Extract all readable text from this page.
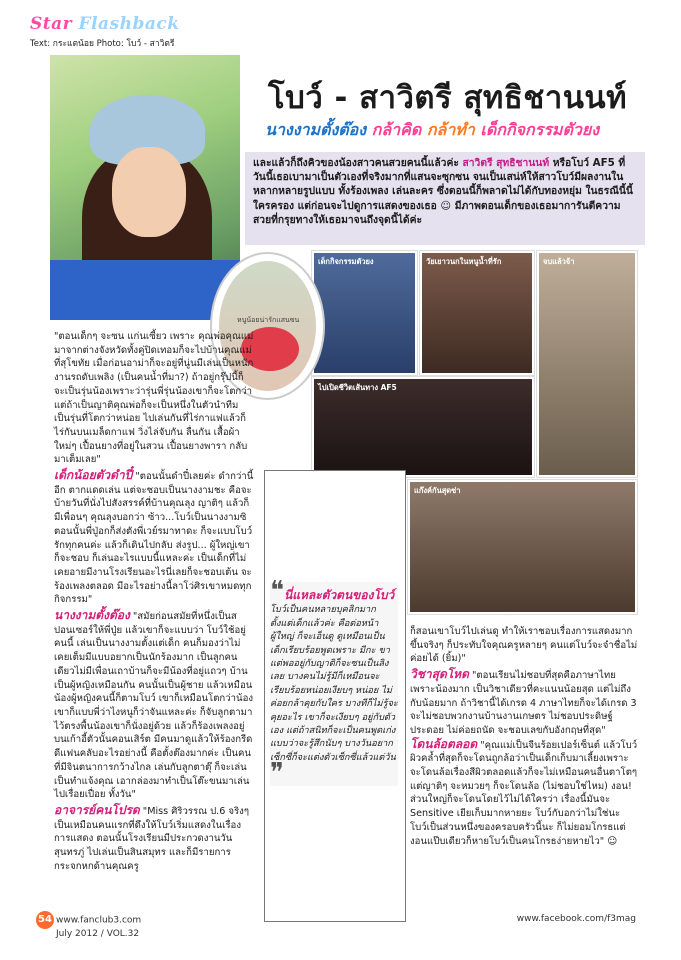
Star Flashback
Text: กระแตน้อย Photo: โบว์ - สาวิตรี
โบว์ - สาวิตรี สุทธิชานนท์
นางงามตั้งต๊อง กล้าคิด กล้าทำ เด็กกิจกรรมตัวยง
และแล้วก็ถึงคิวของน้องสาวคนสวยคนนี้แล้วค่ะ สาวิตรี สุทธิชานนท์ หรือโบว์ AF5 ที่วันนี้เธอเบามาเป็นตัวเองที่จริงมากที่แสนจะซุกซน จนเป็นเสน่ห์ให้สาวโบว์มีผลงานในหลากหลายรูปแบบ ทั้งร้องเพลง เล่นละคร ซึ่งตอนนี้ก็พลาดไม่ได้กับทองหยุ่ม ในธรณีนี้นี้ใครครอง แต่ก่อนจะไปดูการแสดงของเธอ ☺ มีภาพตอนเด็กของเธอมาการันตีความสวยที่กรุยทางให้เธอมาจนถึงจุดนี้ได้ค่ะ
เด็กกิจกรรมตัวยง	วัยเยาวนกในหนูน้ำที่รัก	จบแล้วจ้า
ไปเปิดชีวิตเส้นทาง AF5
แก๊งค์กันสุดซ่า
หนูน้อยน่ารักแสนซน

"ตอนเด็กๆ จะซน แก่นเซี้ยว เพราะ คุณพ่อคุณแม่มาจากต่างจังหวัดทั้งคู่ปิดเทอมก็จะไปบ้านคุณแม่ที่สุโขทัย เมื่อก่อนอาม่าก็จะอยู่ที่นู่นมีเล่นเป็นหนักงานรถดับเพลิง (เป็นคนน้ำที่มา?) ถ้าอยู่กรุ๊ปนี้ก็จะเป็นรุ่นน้องเพราะว่ารุ่นพี่รุ่นน้องเขาก็จะโตกว่า แต่ถ้าเป็นญาติคุณพ่อก็จะเป็นหนึ่งในตัวนำทีม เป็นรุ่นที่โตกว่าหน่อย ไปเล่นกันที่ไร่กาแฟแล้วก็ไร่กันบนเมล็ดกาแฟ วิ่งไล่จับกัน ลื่นกัน เสื้อผ้าใหม่ๆ เปื้อนยางที่อยู่ในสวน เปื้อนยางพารา กลับมาเต็มเลย"

เด็กน้อยตัวดำปี๋ "ตอนนั้นดำปี๋เลยค่ะ ดำกว่านี้อีก ตากแดดเล่น แต่จะชอบเป็นนางงามชะ คือจะบ้ายวันที่นั่งไปสังสรรค์ที่บ้านคุณลุง ญาติๆ แล้วก็มีเพื่อนๆ คุณลุงบอกว่า ซ้าว...โบว์เป็นนางงามซิ ตอนนั้นพี่ปู่อกก็ส่งตังพี่เวย์รมาทาดะ ก็จะแบบโบว์รักทุกคนค่ะ แล้วก็เดินไปกลับ ส่งรูป... ผู้ใหญ่เขาก็จะชอบ ก็เล่นอะไรแบบนี้แหละค่ะ เป็นเด็กที่ไม่เคยอายมีงานโรงเรียนอะไรนี่เลยก็จะชอบเต้น จะร้องเพลงตลอด มีอะไรอย่างนี้ลาโว่ศิรเขาหมดทุกกิจกรรม"
นางงามตั้งต๊อง "สมัยก่อนสมัยที่หนึ่งเป็นสปอนเซอร์ให้พี่ปู่ย แล้วเขาก็จะแบบว่า โบว์ใช้อยู่คนนี้ เล่นเป็นนางงามตั้งแต่เด็ก คนก็มองว่าไม่เคยเต็มมีแบบอยากเป็นนักร้องมาก เป็นลูกคนเดียวไม่มีเพื่อนเถาบ้านก็จะมีน้องที่อยู่แถวๆ บ้านเป็นผู้หญิงเหมือนกัน คนนั้นเป็นผู้ชาย แล้วเหมือนน้องผู้หญิงคนนี้ก็ตามโบว์ เขาก็เหมือนโตกว่าน้องเขาก็แบบพี่ว่าไงหนูก็ว่าจันแหละค่ะ ก็จับลูกตามาไว้ตรงพื้นน้องเขาก็นั่งอยู่ด้วย แล้วก็ร้องเพลงอยู่บนเก้าอี้ตัวนั้นคอนเสิร์ต มีคนมาดูแล้วให้ร้องกรีดดีแฟนคลับอะไรอย่างนี้ คือตั้งต๊องมากค่ะ เป็นคนที่มีจินตนาการกว้างไกล เล่นกับลูกตาตุ๊ ก็จะเล่น เป็นทำแจ้งคุณ เอากล่องมาทำเป็นโต๊ะขนมาเล่นไปเรื่อยเปื่อย ทั้งวัน"
อาจารย์คนโปรด "Miss ศิริวรรณ ป.6 จริงๆ เป็นเหมือนคนแรกที่ดึงให้โบว์เริ่มแสดงในเรื่องการแสดง ตอนนั้นโรงเรียนมีประกวดงานวันสุนทรภู่ ไปเล่นเป็นสินสมุทร และก็มีรายการกระจกหกด้านคุณครู
❝นี่แหละตัวตนของโบว์
โบว์เป็นคนหลายบุคลิกมากตั้งแต่เด็กแล้วค่ะ คือต่อหน้าผู้ใหญ่ ก็จะเอ็นดู ดูเหมือนเป็นเด็กเรียบร้อยพูดเพราะ มีกะ ขา แต่พออยู่กับญาติก็จะซนเป็นลิงเลย บางคนไม่รู้มีก็เหมือนจะเรียบร้อยหน่อยเงียบๆ หน่อย ไม่ค่อยกล้าคุยกับใคร บางทีก็ไม่รู้จะคุยอะไร เขาก็จะเงียบๆ อยู่กับตัวเอง แต่ถ้าสนิทก็จะเป็นคนพูดเก่ง แบบว่าจะรู้สึกนับๆ บางวันอยากเซ็กซี่ก็จะแต่งตัวเซ็กซี่แล้วแต่วัน ❞

ก็สอนเขาโบว์ไปเล่นดู ทำให้เราชอบเรื่องการแสดงมากขึ้นจริงๆ ก็ประทับใจคุณครูหลายๆ คนแต่โบว์จะจำชื่อไม่ค่อยได้ (ยิ้ม)"

วิชาสุดโหด "ตอนเรียนไม่ชอบที่สุดคือภาษาไทย เพราะน้องมาก เป็นวิชาเดียวที่คะแนนน้อยสุด แต่ไม่ถึงกับน้อยมาก ถ้าวิชานี้ได้เกรด 4 ภาษาไทยก็จะได้เกรด 3 จะไม่ชอบพวกงานบ้านงานเกษตร ไม่ชอบประดิษฐ์ประดอย ไม่ค่อยถนัด จะชอบเลขกับอังกฤษที่สุด"
โดนล้อตลอด "คุณแม่เป็นจีนร้อยเปอร์เซ็นต์ แล้วโบว์ผิวคล้ำที่สุดก็จะโดนถูกล้อว่าเป็นเด็กเก็บมาเลี้ยงเพราะจะโดนล้อเรื่องสีผิวตลอดแล้วก็จะไม่เหมือนคนอื่นตาโตๆ แต่ญาติๆ จะหมวยๆ ก็จะโดนล้อ (ไม่ชอบใช่ไหม) งอน! ส่วนใหญ่ก็จะโดนโดยไว้ไม่ได้ใครว่า เรื่องนี้มันจะ Sensitive เยียเก็บมากหายยะ โบว์กับอกว่าไม่ใช่นะ โบว์เป็นส่วนหนึ่งของครอบครัวนี้นะ ก็ไม่ยอมโกรธแต่งอนแป๊บเดียวก็หายโบว์เป็นคนโกรธง่ายหายไว" ☺
54 www.fanclub3.com
July 2012 / VOL.32
www.facebook.com/f3mag
